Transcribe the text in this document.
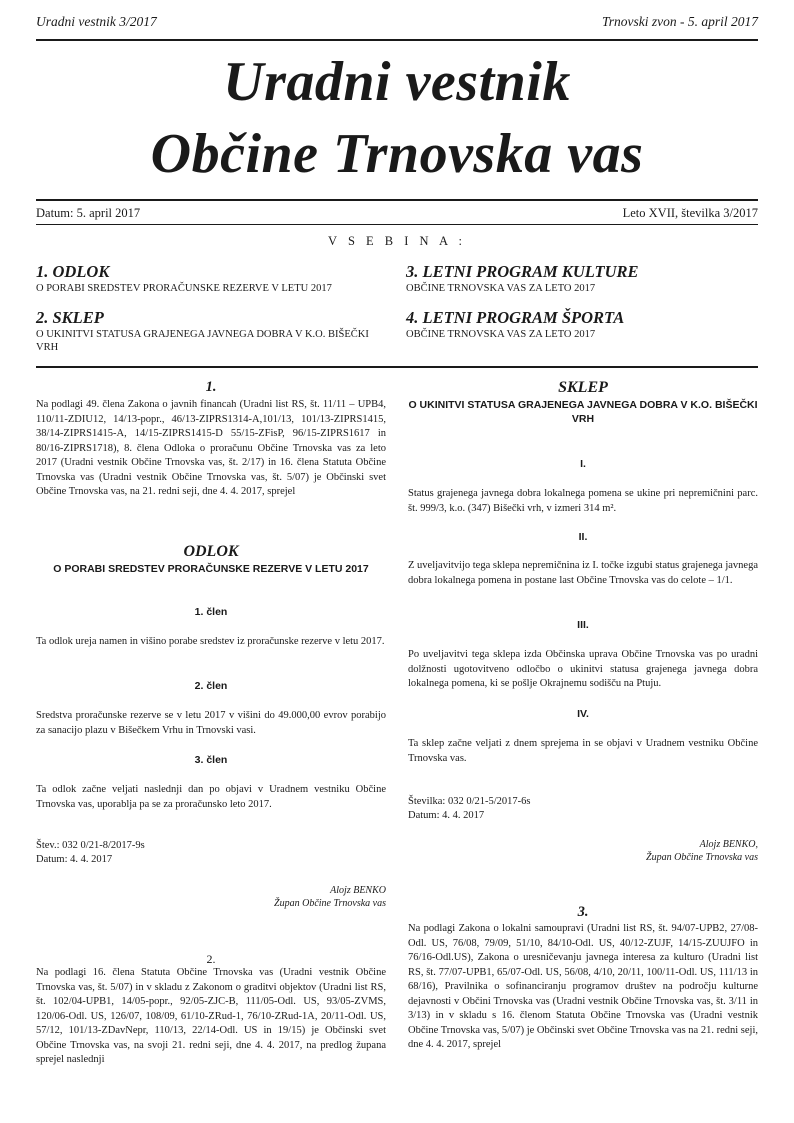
Uradni vestnik 3/2017	Trnovski zvon - 5. april 2017
Uradni vestnik
Občine Trnovska vas
Datum: 5. april 2017	Leto XVII, številka 3/2017
V S E B I N A :
1. ODLOK
O PORABI SREDSTEV PRORAČUNSKE REZERVE V LETU 2017
2. SKLEP
O UKINITVI STATUSA GRAJENEGA JAVNEGA DOBRA V K.O. BIŠEČKI VRH
3. LETNI PROGRAM KULTURE
OBČINE TRNOVSKA VAS ZA LETO 2017
4. LETNI PROGRAM ŠPORTA
OBČINE TRNOVSKA VAS ZA LETO 2017
1.
Na podlagi 49. člena Zakona o javnih financah (Uradni list RS, št. 11/11 – UPB4, 110/11-ZDIU12, 14/13-popr., 46/13-ZIPRS1314-A,101/13, 101/13-ZIPRS1415, 38/14-ZIPRS1415-A, 14/15-ZIPRS1415-D 55/15-ZFisP, 96/15-ZIPRS1617 in 80/16-ZIPRS1718), 8. člena Odloka o proračunu Občine Trnovska vas za leto 2017 (Uradni vestnik Občine Trnovska vas, št. 2/17) in 16. člena Statuta Občine Trnovska vas (Uradni vestnik Občine Trnovska vas, št. 5/07) je Občinski svet Občine Trnovska vas, na 21. redni seji, dne 4. 4. 2017, sprejel
ODLOK
O PORABI SREDSTEV PRORAČUNSKE REZERVE V LETU 2017
1. člen
Ta odlok ureja namen in višino porabe sredstev iz proračunske rezerve v letu 2017.
2. člen
Sredstva proračunske rezerve se v letu 2017 v višini do 49.000,00 evrov porabijo za sanacijo plazu v Bišečkem Vrhu in Trnovski vasi.
3. člen
Ta odlok začne veljati naslednji dan po objavi v Uradnem vestniku Občine Trnovska vas, uporablja pa se za proračunsko leto 2017.
Štev.: 032 0/21-8/2017-9s
Datum: 4. 4. 2017
Alojz BENKO
Župan Občine Trnovska vas
2.
Na podlagi 16. člena Statuta Občine Trnovska vas (Uradni vestnik Občine Trnovska vas, št. 5/07) in v skladu z Zakonom o graditvi objektov (Uradni list RS, št. 102/04-UPB1, 14/05-popr., 92/05-ZJC-B, 111/05-Odl. US, 93/05-ZVMS, 120/06-Odl. US, 126/07, 108/09, 61/10-ZRud-1, 76/10-ZRud-1A, 20/11-Odl. US, 57/12, 101/13-ZDavNepr, 110/13, 22/14-Odl. US in 19/15) je Občinski svet Občine Trnovska vas, na svoji 21. redni seji, dne 4. 4. 2017, na predlog župana sprejel naslednji
SKLEP
O UKINITVI STATUSA GRAJENEGA JAVNEGA DOBRA V K.O. BIŠEČKI VRH
I.
Status grajenega javnega dobra lokalnega pomena se ukine pri nepremičnini parc. št. 999/3, k.o. (347) Bišečki vrh, v izmeri 314 m².
II.
Z uveljavitvijo tega sklepa nepremičnina iz I. točke izgubi status grajenega javnega dobra lokalnega pomena in postane last Občine Trnovska vas do celote – 1/1.
III.
Po uveljavitvi tega sklepa izda Občinska uprava Občine Trnovska vas po uradni dolžnosti ugotovitveno odločbo o ukinitvi statusa grajenega javnega dobra lokalnega pomena, ki se pošlje Okrajnemu sodišču na Ptuju.
IV.
Ta sklep začne veljati z dnem sprejema in se objavi v Uradnem vestniku Občine Trnovska vas.
Številka: 032 0/21-5/2017-6s
Datum: 4. 4. 2017
Alojz BENKO,
Župan Občine Trnovska vas
3.
Na podlagi Zakona o lokalni samoupravi (Uradni list RS, št. 94/07-UPB2, 27/08-Odl. US, 76/08, 79/09, 51/10, 84/10-Odl. US, 40/12-ZUJF, 14/15-ZUUJFO in 76/16-Odl.US), Zakona o uresničevanju javnega interesa za kulturo (Uradni list RS, št. 77/07-UPB1, 65/07-Odl. US, 56/08, 4/10, 20/11, 100/11-Odl. US, 111/13 in 68/16), Pravilnika o sofinanciranju programov društev na področju kulturne dejavnosti v Občini Trnovska vas (Uradni vestnik Občine Trnovska vas, št. 3/11 in 3/13) in v skladu s 16. členom Statuta Občine Trnovska vas (Uradni vestnik Občine Trnovska vas, 5/07) je Občinski svet Občine Trnovska vas na 21. redni seji, dne 4. 4. 2017, sprejel
